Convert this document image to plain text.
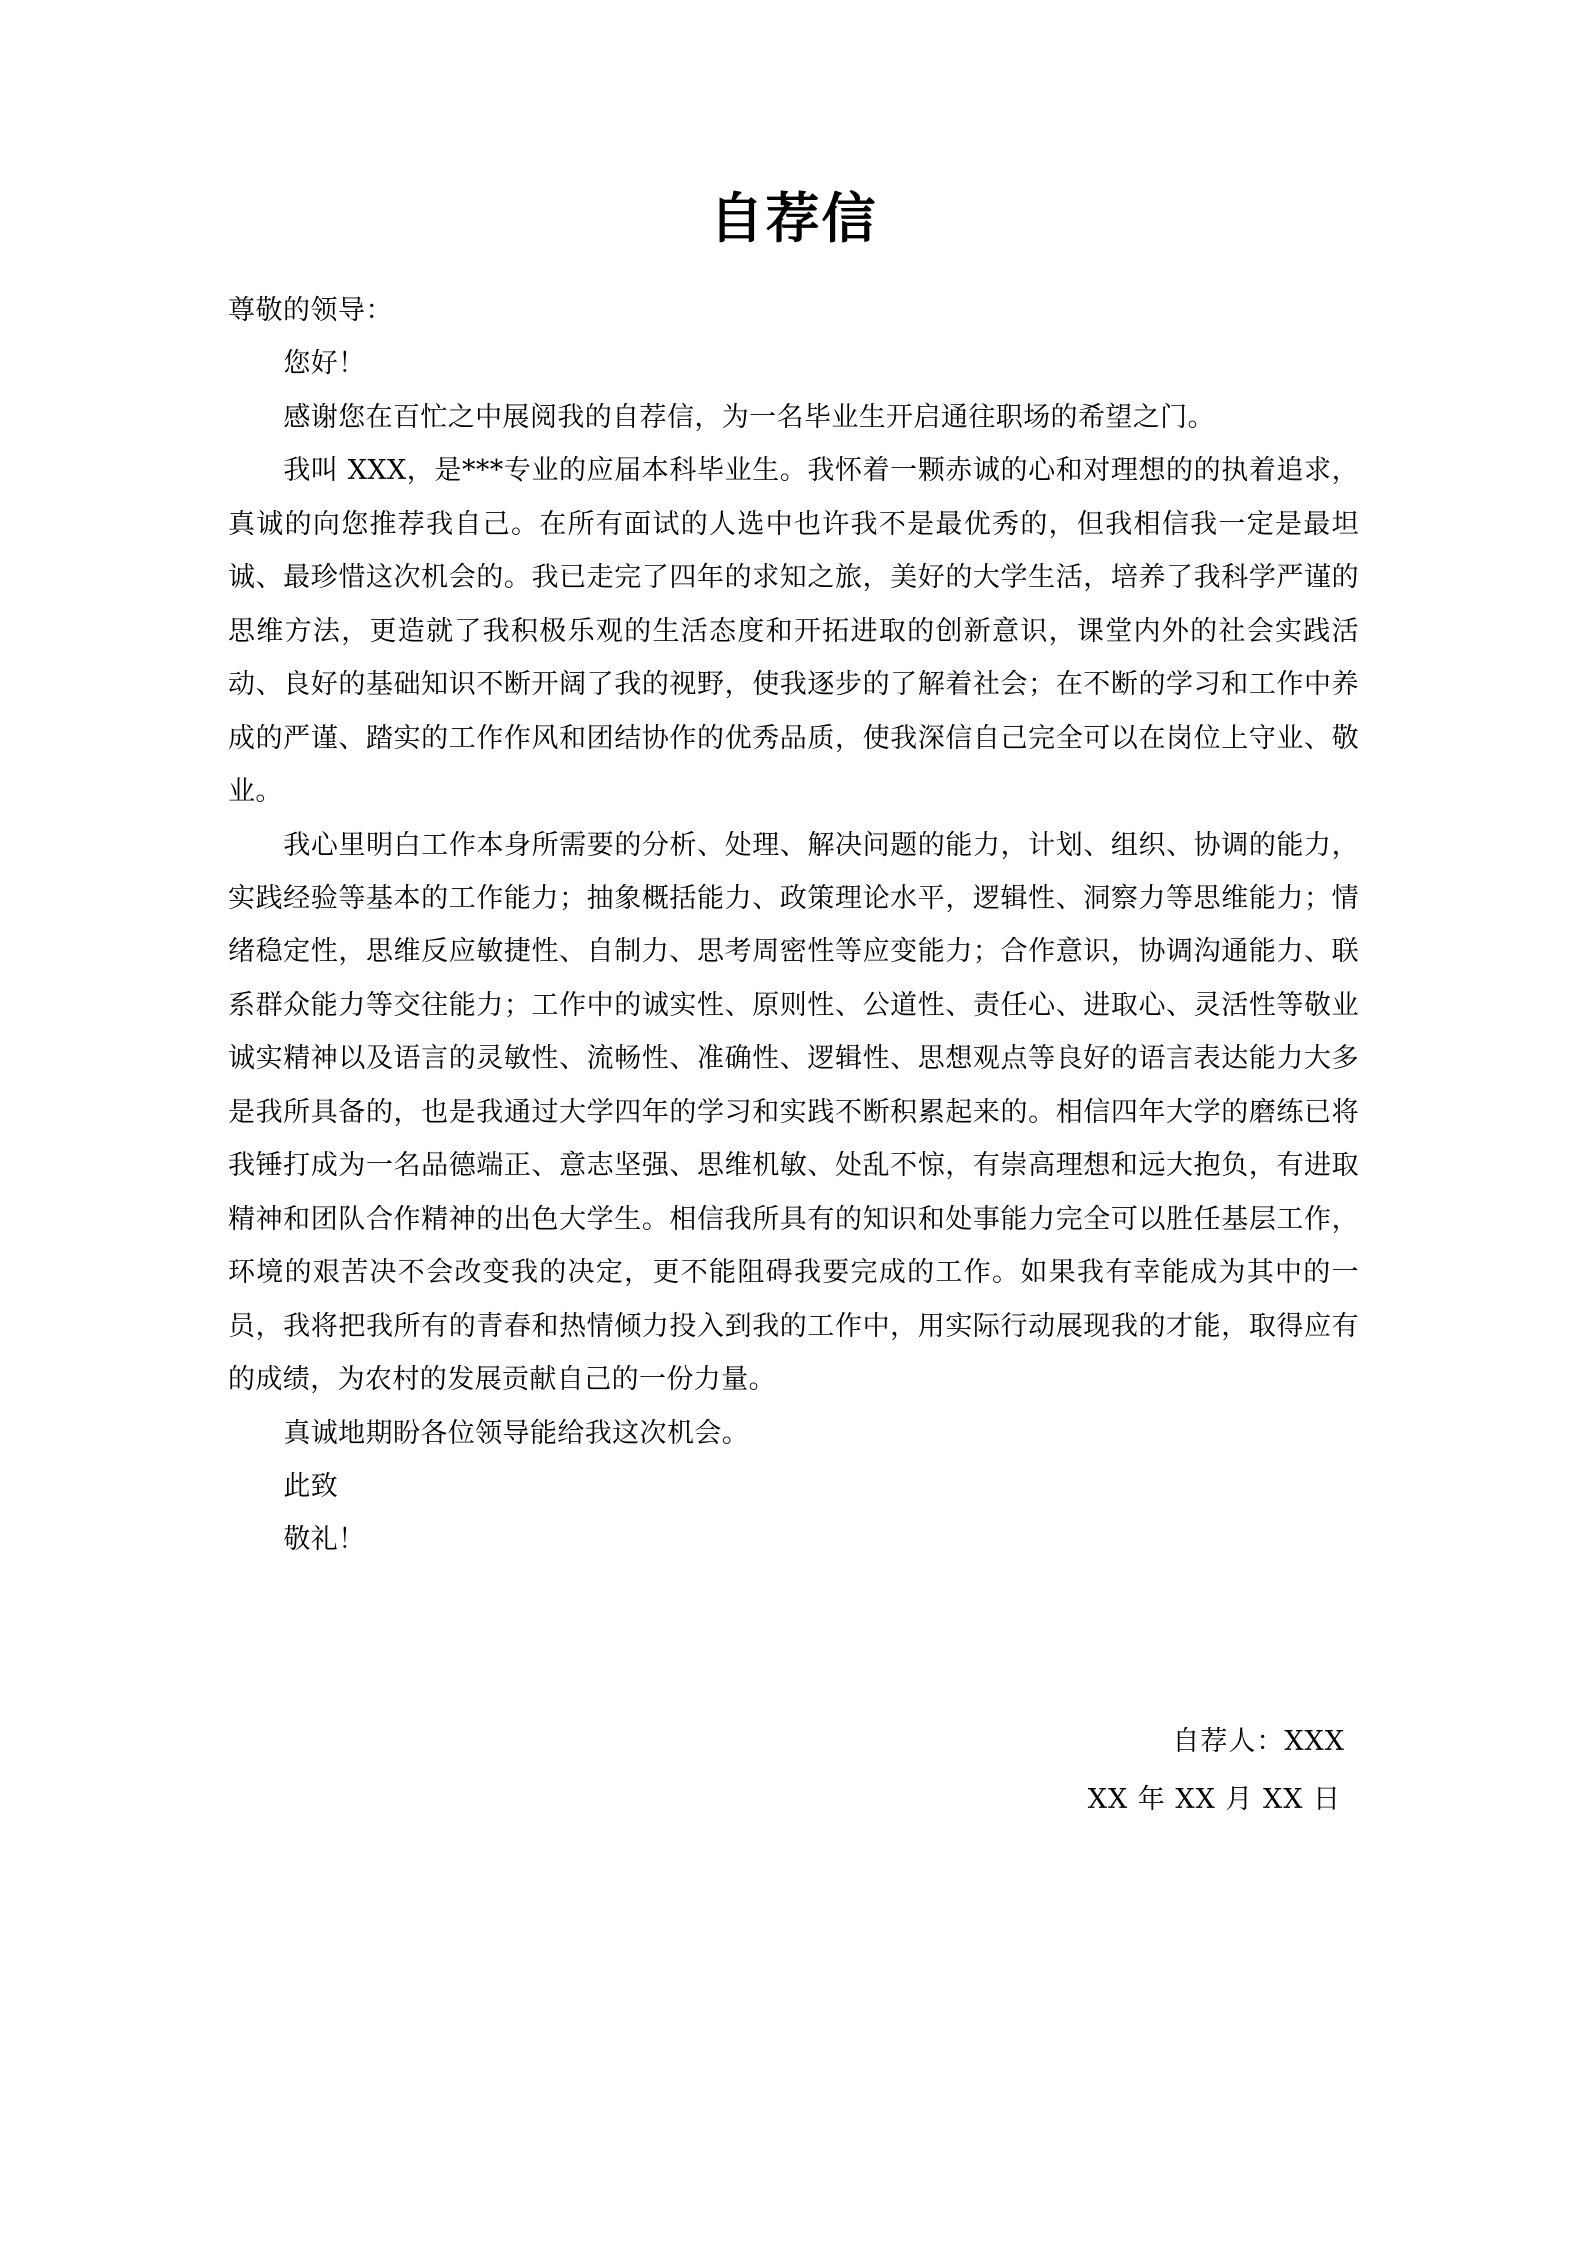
自荐信

尊敬的领导：

您好！

感谢您在百忙之中展阅我的自荐信，为一名毕业生开启通往职场的希望之门。

我叫 XXX，是***专业的应届本科毕业生。我怀着一颗赤诚的心和对理想的的执着追求，真诚的向您推荐我自己。在所有面试的人选中也许我不是最优秀的，但我相信我一定是最坦诚、最珍惜这次机会的。我已走完了四年的求知之旅，美好的大学生活，培养了我科学严谨的思维方法，更造就了我积极乐观的生活态度和开拓进取的创新意识，课堂内外的社会实践活动、良好的基础知识不断开阔了我的视野，使我逐步的了解着社会；在不断的学习和工作中养成的严谨、踏实的工作作风和团结协作的优秀品质，使我深信自己完全可以在岗位上守业、敬业。

我心里明白工作本身所需要的分析、处理、解决问题的能力，计划、组织、协调的能力，实践经验等基本的工作能力；抽象概括能力、政策理论水平，逻辑性、洞察力等思维能力；情绪稳定性，思维反应敏捷性、自制力、思考周密性等应变能力；合作意识，协调沟通能力、联系群众能力等交往能力；工作中的诚实性、原则性、公道性、责任心、进取心、灵活性等敬业诚实精神以及语言的灵敏性、流畅性、准确性、逻辑性、思想观点等良好的语言表达能力大多是我所具备的，也是我通过大学四年的学习和实践不断积累起来的。相信四年大学的磨练已将我锤打成为一名品德端正、意志坚强、思维机敏、处乱不惊，有崇高理想和远大抱负，有进取精神和团队合作精神的出色大学生。相信我所具有的知识和处事能力完全可以胜任基层工作，环境的艰苦决不会改变我的决定，更不能阻碍我要完成的工作。如果我有幸能成为其中的一员，我将把我所有的青春和热情倾力投入到我的工作中，用实际行动展现我的才能，取得应有的成绩，为农村的发展贡献自己的一份力量。

真诚地期盼各位领导能给我这次机会。

此致

敬礼！

自荐人：XXX

XX 年 XX 月 XX 日
